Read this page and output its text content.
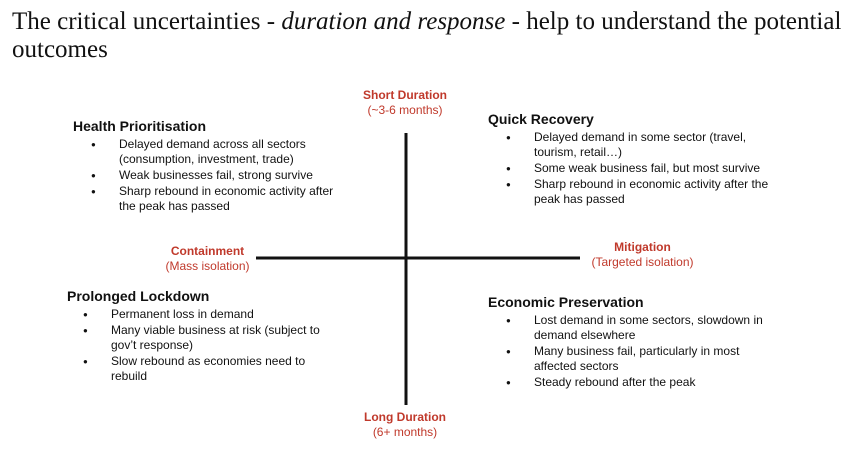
The critical uncertainties - duration and response - help to understand the potential outcomes
Short Duration
(~3-6 months)
Long Duration
(6+ months)
Containment
(Mass isolation)
Mitigation
(Targeted isolation)
Health Prioritisation
● Delayed demand across all sectors (consumption, investment, trade)
● Weak businesses fail, strong survive
● Sharp rebound in economic activity after the peak has passed
Quick Recovery
● Delayed demand in some sector (travel, tourism, retail…)
● Some weak business fail, but most survive
● Sharp rebound in economic activity after the peak has passed
Prolonged Lockdown
● Permanent loss in demand
● Many viable business at risk (subject to gov’t response)
● Slow rebound as economies need to rebuild
Economic Preservation
● Lost demand in some sectors, slowdown in demand elsewhere
● Many business fail, particularly in most affected sectors
● Steady rebound after the peak
